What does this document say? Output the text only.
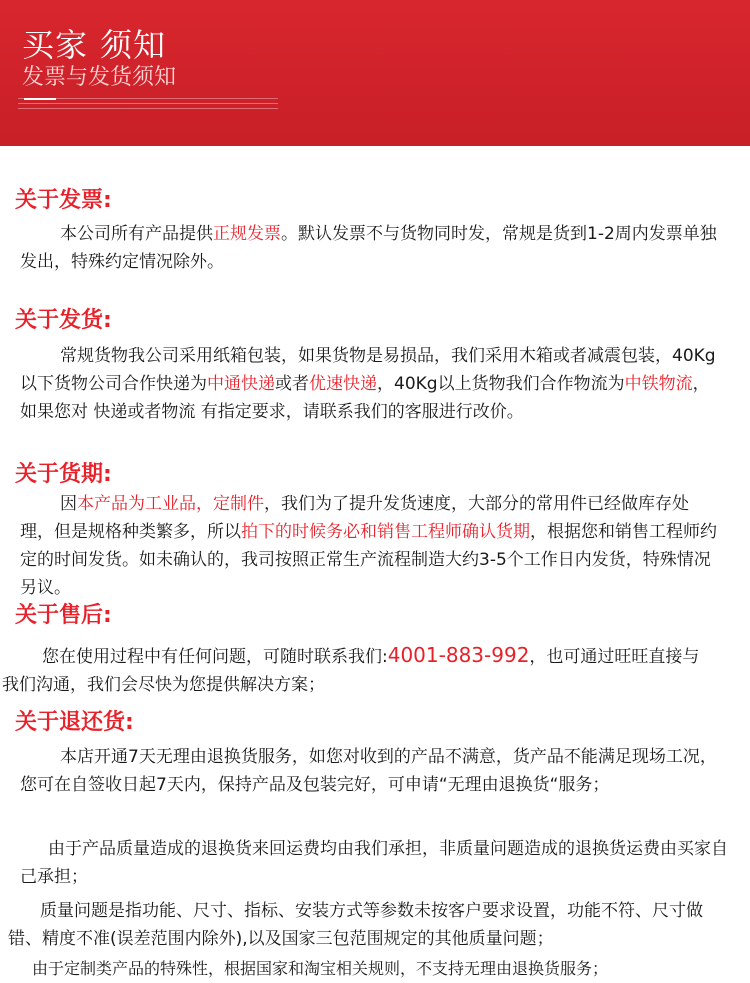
买家 须知
发票与发货须知
关于发票:
本公司所有产品提供正规发票。默认发票不与货物同时发，常规是货到1-2周内发票单独发出，特殊约定情况除外。
关于发货:
常规货物我公司采用纸箱包装，如果货物是易损品，我们采用木箱或者减震包装，40Kg以下货物公司合作快递为中通快递或者优速快递，40Kg以上货物我们合作物流为中铁物流，如果您对 快递或者物流 有指定要求，请联系我们的客服进行改价。
关于货期:
因本产品为工业品，定制件，我们为了提升发货速度，大部分的常用件已经做库存处理，但是规格种类繁多，所以拍下的时候务必和销售工程师确认货期，根据您和销售工程师约定的时间发货。如未确认的，我司按照正常生产流程制造大约3-5个工作日内发货，特殊情况另议。
关于售后:
您在使用过程中有任何问题，可随时联系我们:4001-883-992，也可通过旺旺直接与我们沟通，我们会尽快为您提供解决方案；
关于退还货:
本店开通7天无理由退换货服务，如您对收到的产品不满意，货产品不能满足现场工况，您可在自签收日起7天内，保持产品及包装完好，可申请“无理由退换货“服务；
由于产品质量造成的退换货来回运费均由我们承担，非质量问题造成的退换货运费由买家自己承担；
质量问题是指功能、尺寸、指标、安装方式等参数未按客户要求设置，功能不符、尺寸做错、精度不准(误差范围内除外),以及国家三包范围规定的其他质量问题；
由于定制类产品的特殊性，根据国家和淘宝相关规则，不支持无理由退换货服务；
